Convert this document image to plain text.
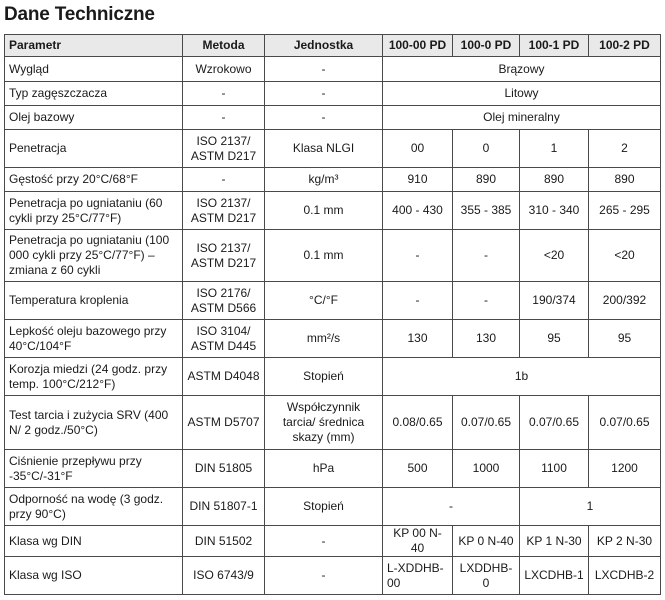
Dane Techniczne
Parametr	Metoda	Jednostka	100-00 PD	100-0 PD	100-1 PD	100-2 PD
Wygląd	Wzrokowo	-	Brązowy			
Typ zagęszczacza	-	-	Litowy			
Olej bazowy	-	-	Olej mineralny			
Penetracja	ISO 2137/ ASTM D217	Klasa NLGI	00	0	1	2
Gęstość przy 20°C/68°F	-	kg/m³	910	890	890	890
Penetracja po ugniataniu (60 cykli przy 25°C/77°F)	ISO 2137/ ASTM D217	0.1 mm	400 - 430	355 - 385	310 - 340	265 - 295
Penetracja po ugniataniu (100 000 cykli przy 25°C/77°F) – zmiana z 60 cykli	ISO 2137/ ASTM D217	0.1 mm	-	-	<20	<20
Temperatura kroplenia	ISO 2176/ ASTM D566	°C/°F	-	-	190/374	200/392
Lepkość oleju bazowego przy 40°C/104°F	ISO 3104/ ASTM D445	mm²/s	130	130	95	95
Korozja miedzi (24 godz. przy temp. 100°C/212°F)	ASTM D4048	Stopień	1b			
Test tarcia i zużycia SRV (400 N/ 2 godz./50°C)	ASTM D5707	Współczynnik tarcia/ średnica skazy (mm)	0.08/0.65	0.07/0.65	0.07/0.65	0.07/0.65
Ciśnienie przepływu przy -35°C/-31°F	DIN 51805	hPa	500	1000	1100	1200
Odporność na wodę (3 godz. przy 90°C)	DIN 51807-1	Stopień	-		1	
Klasa wg DIN	DIN 51502	-	KP 00 N-40	KP 0 N-40	KP 1 N-30	KP 2 N-30
Klasa wg ISO	ISO 6743/9	-	L-XDDHB-00	LXDDHB-0	LXCDHB-1	LXCDHB-2
